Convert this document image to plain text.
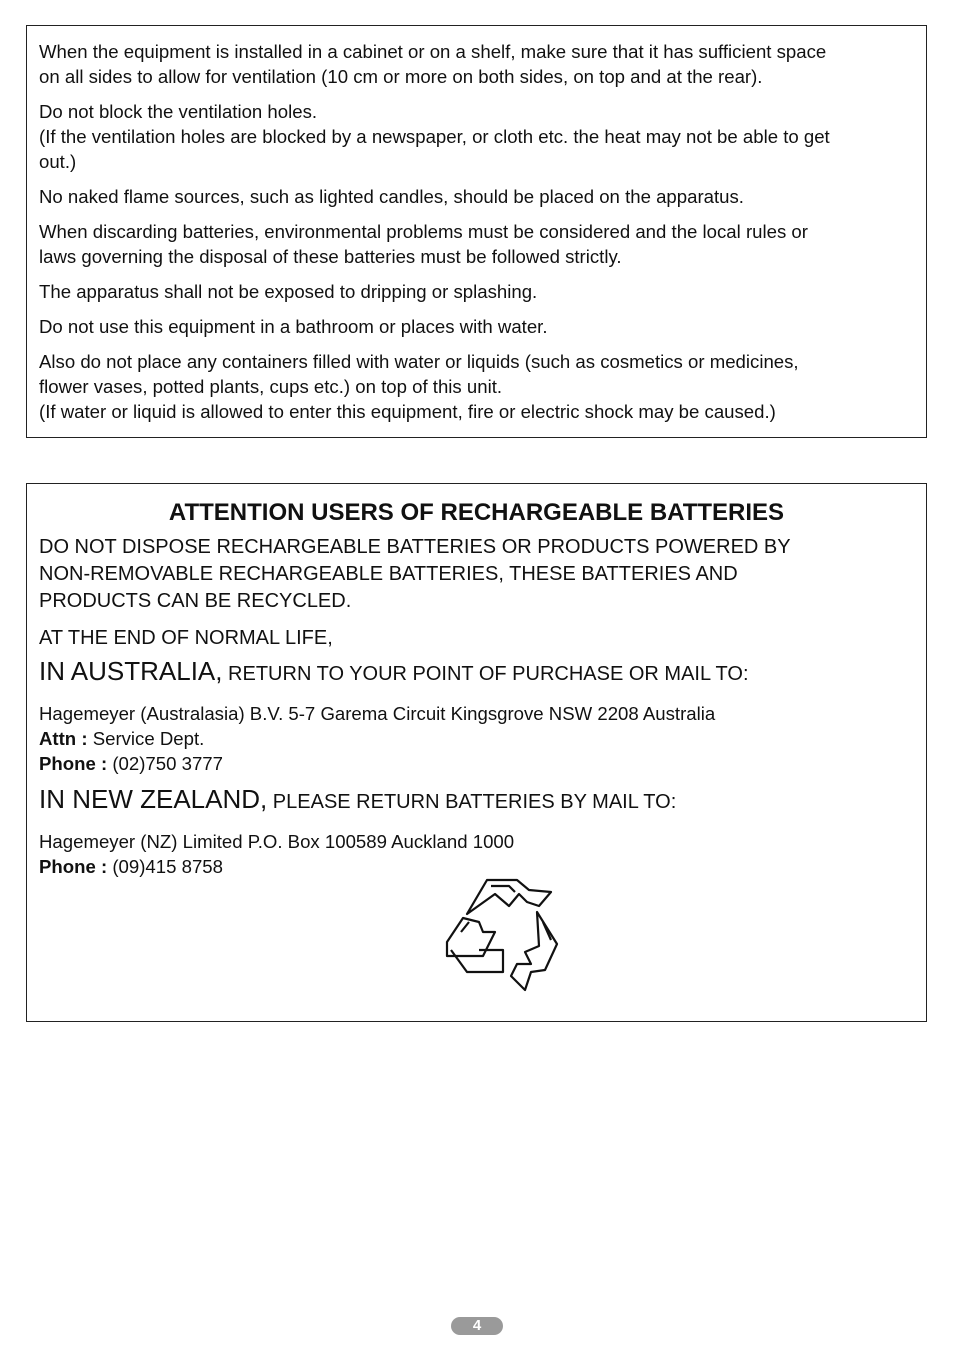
When the equipment is installed in a cabinet or on a shelf, make sure that it has sufficient space
on all sides to allow for ventilation (10 cm or more on both sides, on top and at the rear).

Do not block the ventilation holes.
(If the ventilation holes are blocked by a newspaper, or cloth etc. the heat may not be able to get
out.)

No naked flame sources, such as lighted candles, should be placed on the apparatus.

When discarding batteries, environmental problems must be considered and the local rules or
laws governing the disposal of these batteries must be followed strictly.

The apparatus shall not be exposed to dripping or splashing.

Do not use this equipment in a bathroom or places with water.

Also do not place any containers filled with water or liquids (such as cosmetics or medicines,
flower vases, potted plants, cups etc.) on top of this unit.
(If water or liquid is allowed to enter this equipment, fire or electric shock may be caused.)

ATTENTION USERS OF RECHARGEABLE BATTERIES

DO NOT DISPOSE RECHARGEABLE BATTERIES OR PRODUCTS POWERED BY
NON-REMOVABLE RECHARGEABLE BATTERIES, THESE BATTERIES AND
PRODUCTS CAN BE RECYCLED.

AT THE END OF NORMAL LIFE,

IN AUSTRALIA, RETURN TO YOUR POINT OF PURCHASE OR MAIL TO:
Hagemeyer (Australasia) B.V. 5-7 Garema Circuit Kingsgrove NSW 2208 Australia
Attn : Service Dept.
Phone : (02)750 3777
IN NEW ZEALAND, PLEASE RETURN BATTERIES BY MAIL TO:
Hagemeyer (NZ) Limited P.O. Box 100589 Auckland 1000
Phone : (09)415 8758
4
